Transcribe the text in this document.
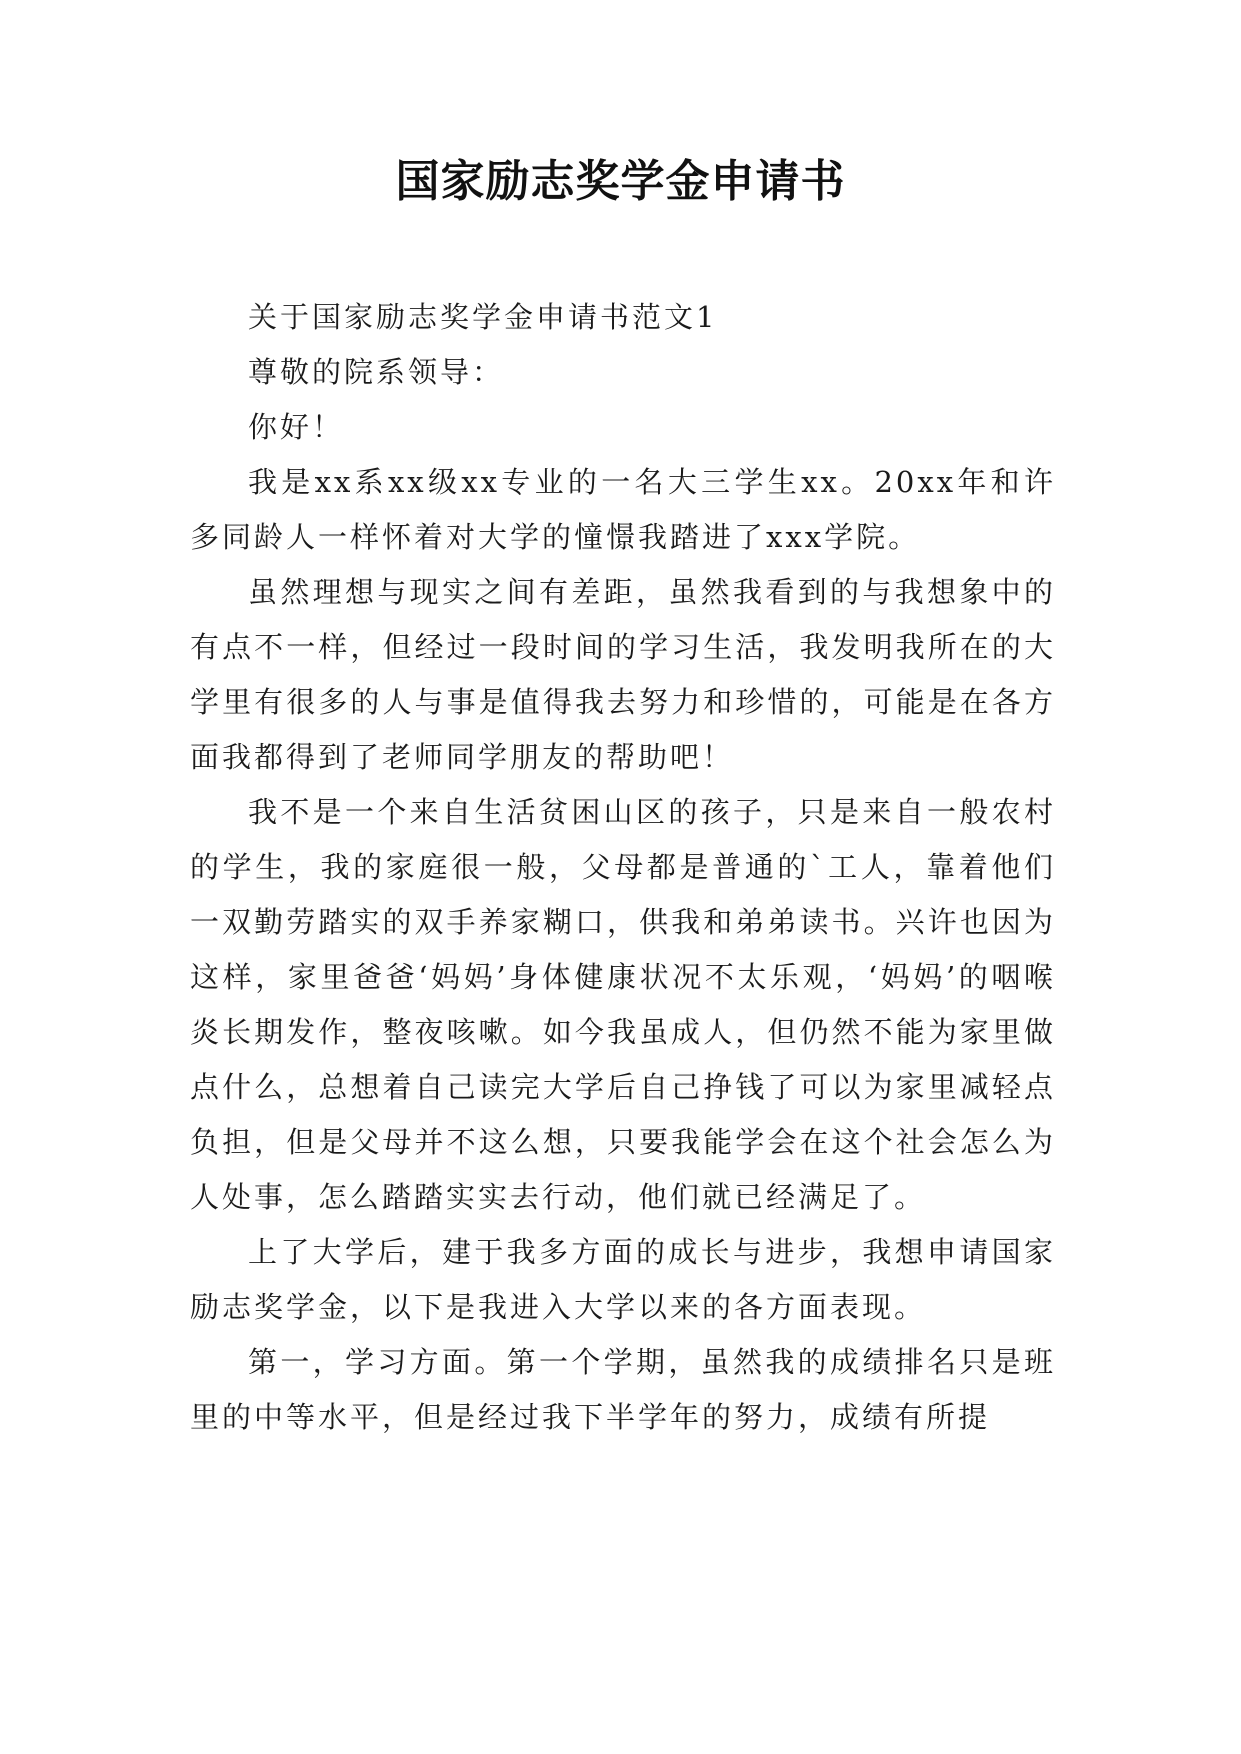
国家励志奖学金申请书

关于国家励志奖学金申请书范文1

尊敬的院系领导：

你好！

我是xx系xx级xx专业的一名大三学生xx。20xx年和许多同龄人一样怀着对大学的憧憬我踏进了xxx学院。

虽然理想与现实之间有差距，虽然我看到的与我想象中的有点不一样，但经过一段时间的学习生活，我发明我所在的大学里有很多的人与事是值得我去努力和珍惜的，可能是在各方面我都得到了老师同学朋友的帮助吧！

我不是一个来自生活贫困山区的孩子，只是来自一般农村的学生，我的家庭很一般，父母都是普通的`工人，靠着他们一双勤劳踏实的双手养家糊口，供我和弟弟读书。兴许也因为这样，家里爸爸‘妈妈’身体健康状况不太乐观，‘妈妈’的咽喉炎长期发作，整夜咳嗽。如今我虽成人，但仍然不能为家里做点什么，总想着自己读完大学后自己挣钱了可以为家里减轻点负担，但是父母并不这么想，只要我能学会在这个社会怎么为人处事，怎么踏踏实实去行动，他们就已经满足了。

上了大学后，建于我多方面的成长与进步，我想申请国家励志奖学金，以下是我进入大学以来的各方面表现。

第一，学习方面。第一个学期，虽然我的成绩排名只是班里的中等水平，但是经过我下半学年的努力，成绩有所提
